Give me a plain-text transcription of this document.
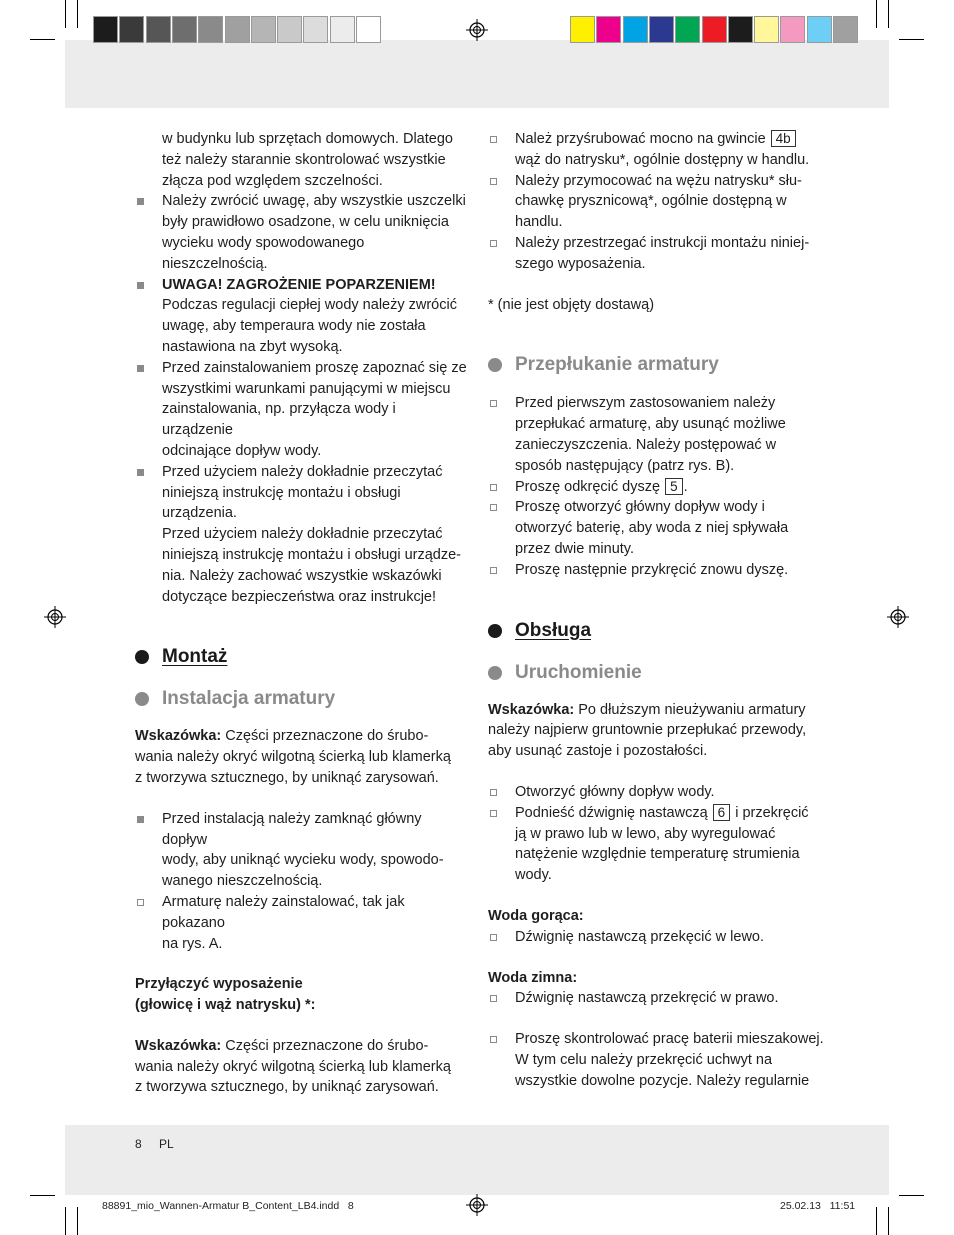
w budynku lub sprzętach domowych. Dlatego
też należy starannie skontrolować wszystkie
złącza pod względem szczelności.
Należy zwrócić uwagę, aby wszystkie uszczelki
były prawidłowo osadzone, w celu uniknięcia
wycieku wody spowodowanego nieszczelnością.
UWAGA! ZAGROŻENIE POPARZENIEM!
Podczas regulacji ciepłej wody należy zwrócić
uwagę, aby temperaura wody nie została
nastawiona na zbyt wysoką.
Przed zainstalowaniem proszę zapoznać się ze
wszystkimi warunkami panującymi w miejscu
zainstalowania, np. przyłącza wody i urządzenie
odcinające dopływ wody.
Przed użyciem należy dokładnie przeczytać
niniejszą instrukcję montażu i obsługi urządzenia.
Przed użyciem należy dokładnie przeczytać
niniejszą instrukcję montażu i obsługi urządze-
nia. Należy zachować wszystkie wskazówki
dotyczące bezpieczeństwa oraz instrukcje!
Montaż
Instalacja armatury
Wskazówka: Części przeznaczone do śrubo-
wania należy okryć wilgotną ścierką lub klamerką
z tworzywa sztucznego, by uniknąć zarysowań.
Przed instalacją należy zamknąć główny dopływ
wody, aby uniknąć wycieku wody, spowodo-
wanego nieszczelnością.
Armaturę należy zainstalować, tak jak pokazano
na rys. A.
Przyłączyć wyposażenie
(głowicę i wąż natrysku) *:
Wskazówka: Części przeznaczone do śrubo-
wania należy okryć wilgotną ścierką lub klamerką
z tworzywa sztucznego, by uniknąć zarysowań.
Należ przyśrubować mocno na gwincie 4b
wąż do natrysku*, ogólnie dostępny w handlu.
Należy przymocować na wężu natrysku* słu-
chawkę prysznicową*, ogólnie dostępną w
handlu.
Należy przestrzegać instrukcji montażu niniej-
szego wyposażenia.
* (nie jest objęty dostawą)
Przepłukanie armatury
Przed pierwszym zastosowaniem należy
przepłukać armaturę, aby usunąć możliwe
zanieczyszczenia. Należy postępować w
sposób następujący (patrz rys. B).
Proszę odkręcić dyszę 5 .
Proszę otworzyć główny dopływ wody i
otworzyć baterię, aby woda z niej spływała
przez dwie minuty.
Proszę następnie przykręcić znowu dyszę.
Obsługa
Uruchomienie
Wskazówka: Po dłuższym nieużywaniu armatury
należy najpierw gruntownie przepłukać przewody,
aby usunąć zastoje i pozostałości.
Otworzyć główny dopływ wody.
Podnieść dźwignię nastawczą 6 i przekręcić
ją w prawo lub w lewo, aby wyregulować
natężenie względnie temperaturę strumienia
wody.
Woda gorąca:
Dźwignię nastawczą przekęcić w lewo.
Woda zimna:
Dźwignię nastawczą przekręcić w prawo.
Proszę skontrolować pracę baterii mieszakowej.
W tym celu należy przekręcić uchwyt na
wszystkie dowolne pozycje. Należy regularnie
8 PL
88891_mio_Wannen-Armatur B_Content_LB4.indd   8	25.02.13   11:51
